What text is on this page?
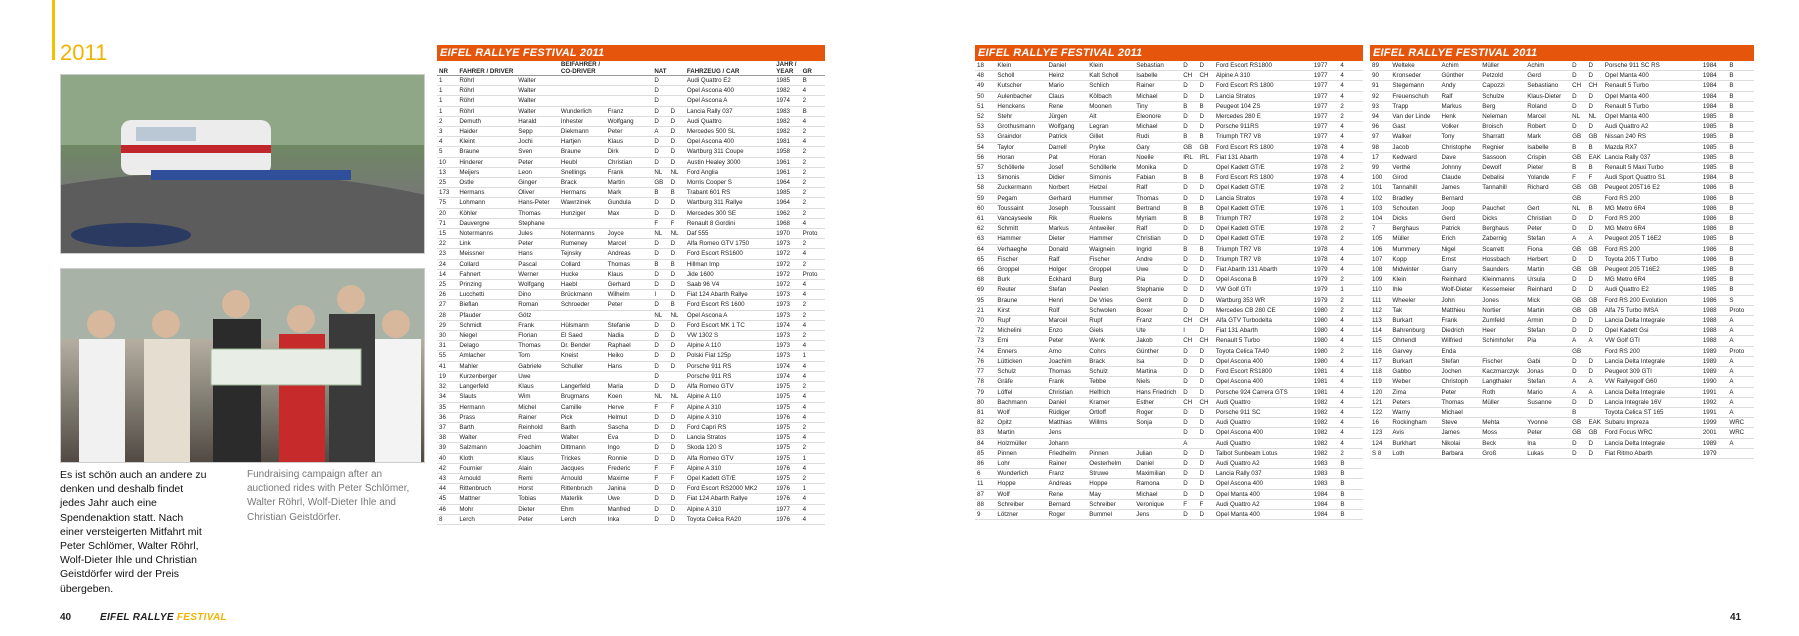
2011
Es ist schön auch an andere zu denken und deshalb findet jedes Jahr auch eine Spendenaktion statt. Nach einer versteigerten Mitfahrt mit Peter Schlömer, Walter Röhrl, Wolf-Dieter Ihle und Christian Geistdörfer wird der Preis übergeben.
Fundraising campaign after an auctioned rides with Peter Schlömer, Walter Röhrl, Wolf-Dieter Ihle and Christian Geistdörfer.
EIFEL RALLYE FESTIVAL 2011
NR	FAHRER / DRIVER		BEIFAHRER / CO-DRIVER		NAT		FAHRZEUG / CAR	JAHR / YEAR	GR
1	Röhrl	Walter			D		Audi Quattro E2	1985	B
1	Röhrl	Walter			D		Opel Ascona 400	1982	4
1	Röhrl	Walter			D		Opel Ascona A	1974	2
1	Röhrl	Walter	Wunderlich	Franz	D	D	Lancia Rally 037	1983	B
2	Demuth	Harald	Inhester	Wolfgang	D	D	Audi Quattro	1982	4
3	Haider	Sepp	Diekmann	Peter	A	D	Mercedes 500 SL	1982	2
4	Kleint	Jochi	Hartjen	Klaus	D	D	Opel Ascona 400	1981	4
5	Braune	Sven	Braune	Dirk	D	D	Wartburg 311 Coupe	1958	2
10	Hinderer	Peter	Heubl	Christian	D	D	Austin Healey 3000	1961	2
13	Meijers	Leon	Snellings	Frank	NL	NL	Ford Anglia	1961	2
25	Ostle	Ginger	Brack	Martin	GB	D	Morris Cooper S	1964	2
173	Hermans	Oliver	Hermans	Mark	B	B	Trabant 601 RS	1985	2
75	Lohmann	Hans-Peter	Wawrzinek	Gundula	D	D	Wartburg 311 Rallye	1964	2
20	Köhler	Thomas	Hunziger	Max	D	D	Mercedes 300 SE	1962	2
71	Dauvergne	Stephane			F	F	Renault 8 Gordini	1968	4
15	Notermanns	Jules	Notermanns	Joyce	NL	NL	Daf 555	1970	Proto
22	Link	Peter	Rumeney	Marcel	D	D	Alfa Romeo GTV 1750	1973	2
23	Meissner	Hans	Tejnsky	Andreas	D	D	Ford Escort RS1600	1972	4
24	Collard	Pascal	Collard	Thomas	B	B	Hillman Imp	1972	2
14	Fahnert	Werner	Hucke	Klaus	D	D	Jide 1600	1972	Proto
25	Prinzing	Wolfgang	Haebl	Gerhard	D	D	Saab 96 V4	1972	4
26	Lucchetti	Dino	Brückmann	Wilhelm	I	D	Fiat 124 Abarth Rallye	1973	4
27	Bieflan	Roman	Schroeder	Peter	D	B	Ford Escort RS 1600	1973	2
28	Pfauder	Götz			NL	NL	Opel Ascona A	1973	2
29	Schmidt	Frank	Hülsmann	Stefanie	D	D	Ford Escort MK 1 TC	1974	4
30	Niegel	Florian	El Saed	Nadia	D	D	VW 1302 S	1973	2
31	Delago	Thomas	Dr. Bender	Raphael	D	D	Alpine A 110	1973	4
55	Amlacher	Tom	Kneist	Heiko	D	D	Polski Fiat 125p	1973	1
41	Mahler	Gabriele	Schuller	Hans	D	D	Porsche 911 RS	1974	4
19	Kurzenberger	Uwe			D		Porsche 911 RS	1974	4
32	Langerfeld	Klaus	Langerfeld	Maria	D	D	Alfa Romeo GTV	1975	2
34	Slauts	Wim	Brugmans	Koen	NL	NL	Alpine A 110	1975	4
35	Hermann	Michel	Camille	Herve	F	F	Alpine A 310	1975	4
36	Prass	Rainer	Pick	Helmut	D	D	Alpine A 310	1976	4
37	Barth	Reinhold	Barth	Sascha	D	D	Ford Capri RS	1975	2
38	Walter	Fred	Walter	Eva	D	D	Lancia Stratos	1975	4
39	Salzmann	Joachim	Dittmann	Ingo	D	D	Skoda 120 S	1975	2
40	Kloth	Klaus	Trickes	Ronnie	D	D	Alfa Romeo GTV	1975	1
42	Fournier	Alain	Jacques	Frederic	F	F	Alpine A 310	1976	4
43	Arnould	Remi	Arnould	Maxime	F	F	Opel Kadett GT/E	1975	2
44	Rittenbruch	Horst	Rittenbruch	Janina	D	D	Ford Escort RS2000 MK2	1976	1
45	Mattner	Tobias	Materlik	Uwe	D	D	Fiat 124 Abarth Rallye	1976	4
46	Mohr	Dieter	Ehm	Manfred	D	D	Alpine A 310	1977	4
8	Lerch	Peter	Lerch	Inka	D	D	Toyota Celica RA20	1976	4
EIFEL RALLYE FESTIVAL 2011
18	Klein	Daniel	Klein	Sebastian	D	D	Ford Escort RS1800	1977	4
48	Scholl	Heinz	Kalt Scholl	Isabelle	CH	CH	Alpine A 310	1977	4
49	Kutscher	Mario	Schlich	Rainer	D	D	Ford Escort RS 1800	1977	4
50	Aulenbacher	Claus	Kölbach	Michael	D	D	Lancia Stratos	1977	4
51	Henckens	Rene	Moonen	Tiny	B	B	Peugeot 104 ZS	1977	2
52	Stehr	Jürgen	Alt	Eleonore	D	D	Mercedes 280 E	1977	2
53	Grothusmann	Wolfgang	Legran	Michael	D	D	Porsche 911RS	1977	4
53	Graindor	Patrick	Gillet	Rudi	B	B	Triumph TR7 V8	1977	4
54	Taylor	Darrell	Pryke	Gary	GB	GB	Ford Escort RS 1800	1978	4
56	Horan	Pat	Horan	Noelle	IRL	IRL	Fiat 131 Abarth	1978	4
57	Schöllerle	Josef	Schöllerle	Monika	D		Opel Kadett GT/E	1978	2
13	Simonis	Didier	Simonis	Fabian	B	B	Ford Escort RS 1800	1978	4
58	Zuckermann	Norbert	Hetzel	Ralf	D	D	Opel Kadett GT/E	1978	2
59	Pegam	Gerhard	Hummer	Thomas	D	D	Lancia Stratos	1978	4
60	Toussaint	Joseph	Toussaint	Bertrand	B	B	Opel Kadett GT/E	1976	1
61	Vancayseele	Rik	Ruelens	Myriam	B	B	Triumph TR7	1978	2
62	Schmitt	Markus	Antweiler	Ralf	D	D	Opel Kadett GT/E	1978	2
63	Hammer	Dieter	Hammer	Christian	D	D	Opel Kadett GT/E	1978	2
64	Verhaeghe	Donald	Waignein	Ingrid	B	B	Triumph TR7 V8	1978	4
65	Fischer	Ralf	Fischer	Andre	D	D	Triumph TR7 V8	1978	4
66	Groppel	Holger	Groppel	Uwe	D	D	Fiat Abarth 131 Abarth	1979	4
68	Burk	Eckhard	Burg	Pia	D	D	Opel Ascona B	1979	2
69	Reuter	Stefan	Peelen	Stephanie	D	D	VW Golf GTI	1979	1
95	Braune	Henri	De Vries	Gerrit	D	D	Wartburg 353 WR	1979	2
21	Kirst	Rolf	Schwolen	Boxer	D	D	Mercedes CB 280 CE	1980	2
70	Rupf	Marcel	Rupf	Franz	CH	CH	Alfa GTV Turbodelta	1980	4
72	Michelini	Enzo	Giels	Ute	I	D	Fiat 131 Abarth	1980	4
73	Erni	Peter	Wenk	Jakob	CH	CH	Renault 5 Turbo	1980	4
74	Enners	Arno	Cohrs	Günther	D	D	Toyota Celica TA40	1980	2
76	Lütticken	Joachim	Brack	Isa	D	D	Opel Ascona 400	1980	4
77	Schulz	Thomas	Schulz	Martina	D	D	Ford Escort RS1800	1981	4
78	Gräfe	Frank	Tebbe	Niels	D	D	Opel Ascona 400	1981	4
79	Löffel	Christian	Helfrich	Hans Friedrich	D	D	Porsche 924 Carrera GTS	1981	4
80	Bachmann	Daniel	Kramer	Esther	CH	CH	Audi Quattro	1982	4
81	Wolf	Rüdiger	Ortloff	Roger	D	D	Porsche 911 SC	1982	4
82	Opitz	Matthias	Willms	Sonja	D	D	Audi Quattro	1982	4
83	Martin	Jens			D	D	Opel Ascona 400	1982	4
84	Holzmüller	Johann			A		Audi Quattro	1982	4
85	Pinnen	Friedhelm	Pinnen	Julian	D	D	Talbot Sunbeam Lotus	1982	2
86	Lohr	Rainer	Oesterhelm	Daniel	D	D	Audi Quattro A2	1983	B
6	Wunderlich	Franz	Struwe	Maximilian	D	D	Lancia Rally 037	1983	B
11	Hoppe	Andreas	Hoppe	Ramona	D	D	Opel Ascona 400	1983	B
87	Wolf	Rene	May	Michael	D	D	Opel Manta 400	1984	B
88	Schreiber	Bernard	Schreiber	Veronique	F	F	Audi Quattro A2	1984	B
9	Lötzner	Roger	Bummel	Jens	D	D	Opel Manta 400	1984	B
EIFEL RALLYE FESTIVAL 2011
89	Welteke	Achim	Müller	Achim	D	D	Porsche 911 SC RS	1984	B
90	Kronseder	Günther	Petzold	Gerd	D	D	Opel Manta 400	1984	B
91	Stegemann	Andy	Capozzi	Sebastiano	CH	CH	Renault 5 Turbo	1984	B
92	Freuenschuh	Ralf	Schulze	Klaus-Dieter	D	D	Opel Manta 400	1984	B
93	Trapp	Markus	Berg	Roland	D	D	Renault 5 Turbo	1984	B
94	Van der Linde	Henk	Neleman	Marcel	NL	NL	Opel Manta 400	1985	B
96	Gast	Volker	Broisch	Robert	D	D	Audi Quattro A2	1985	B
97	Walker	Tony	Sharratt	Mark	GB	GB	Nissan 240 RS	1985	B
98	Jacob	Christophe	Regnier	Isabelle	B	B	Mazda RX7	1985	B
17	Kedward	Dave	Sassoon	Crispin	GB	EAK	Lancia Rally 037	1985	B
99	Verthé	Johnny	Dewolf	Pieter	B	B	Renault 5 Maxi Turbo	1985	B
100	Girod	Claude	Debalisi	Yolande	F	F	Audi Sport Quattro S1	1984	B
101	Tannahill	James	Tannahill	Richard	GB	GB	Peugeot 205T16 E2	1986	B
102	Bradley	Bernard			GB		Ford RS 200	1986	B
103	Schouten	Joop	Pauchet	Gert	NL	B	MG Metro 6R4	1986	B
104	Dicks	Gerd	Dicks	Christian	D	D	Ford RS 200	1986	B
7	Berghaus	Patrick	Berghaus	Peter	D	D	MG Metro 6R4	1986	B
105	Müller	Erich	Zabernig	Stefan	A	A	Peugeot 205 T 16E2	1985	B
106	Mummery	Nigel	Scarrett	Fiona	GB	GB	Ford RS 200	1986	B
107	Kopp	Ernst	Hossbach	Herbert	D	D	Toyota 205 T Turbo	1986	B
108	Midwinter	Garry	Saunders	Martin	GB	GB	Peugeot 205 T16E2	1985	B
109	Klein	Reinhard	Kleinmanns	Ursula	D	D	MG Metro 6R4	1985	B
110	Ihle	Wolf-Dieter	Kessemeier	Reinhard	D	D	Audi Quattro E2	1985	B
111	Wheeler	John	Jones	Mick	GB	GB	Ford RS 200 Evolution	1986	S
112	Tak	Matthieu	Nortier	Martin	GB	GB	Alfa 75 Turbo IMSA	1988	Proto
113	Burkart	Frank	Zumfeld	Armin	D	D	Lancia Delta Integrale	1988	A
114	Bahrenburg	Diedrich	Heer	Stefan	D	D	Opel Kadett Gsi	1988	A
115	Ohrtendl	Wilfried	Schimhofer	Pia	A	A	VW Golf GTI	1988	A
116	Garvey	Enda			GB		Ford RS 200	1989	Proto
117	Burkart	Stefan	Fischer	Gabi	D	D	Lancia Delta Integrale	1989	A
118	Gabbo	Jochen	Kaczmarczyk	Jonas	D	D	Peugeot 309 GTI	1989	A
119	Weber	Christoph	Langthaler	Stefan	A	A	VW Rallyegolf G60	1990	A
120	Zima	Peter	Roth	Mario	A	A	Lancia Delta Integrale	1991	A
121	Peters	Thomas	Müller	Susanne	D	D	Lancia Integrale 16V	1992	A
122	Warny	Michael			B		Toyota Celica ST 165	1991	A
16	Rockingham	Steve	Mehta	Yvonne	GB	EAK	Subaru Impreza	1999	WRC
123	Avis	James	Moss	Peter	GB	GB	Ford Focus WRC	2001	WRC
124	Burkhart	Nikolai	Beck	Ina	D	D	Lancia Delta Integrale	1989	A
S 8	Loth	Barbara	Groß	Lukas	D	D	Fiat Ritmo Abarth	1979	
40	EIFEL RALLYE FESTIVAL	41
